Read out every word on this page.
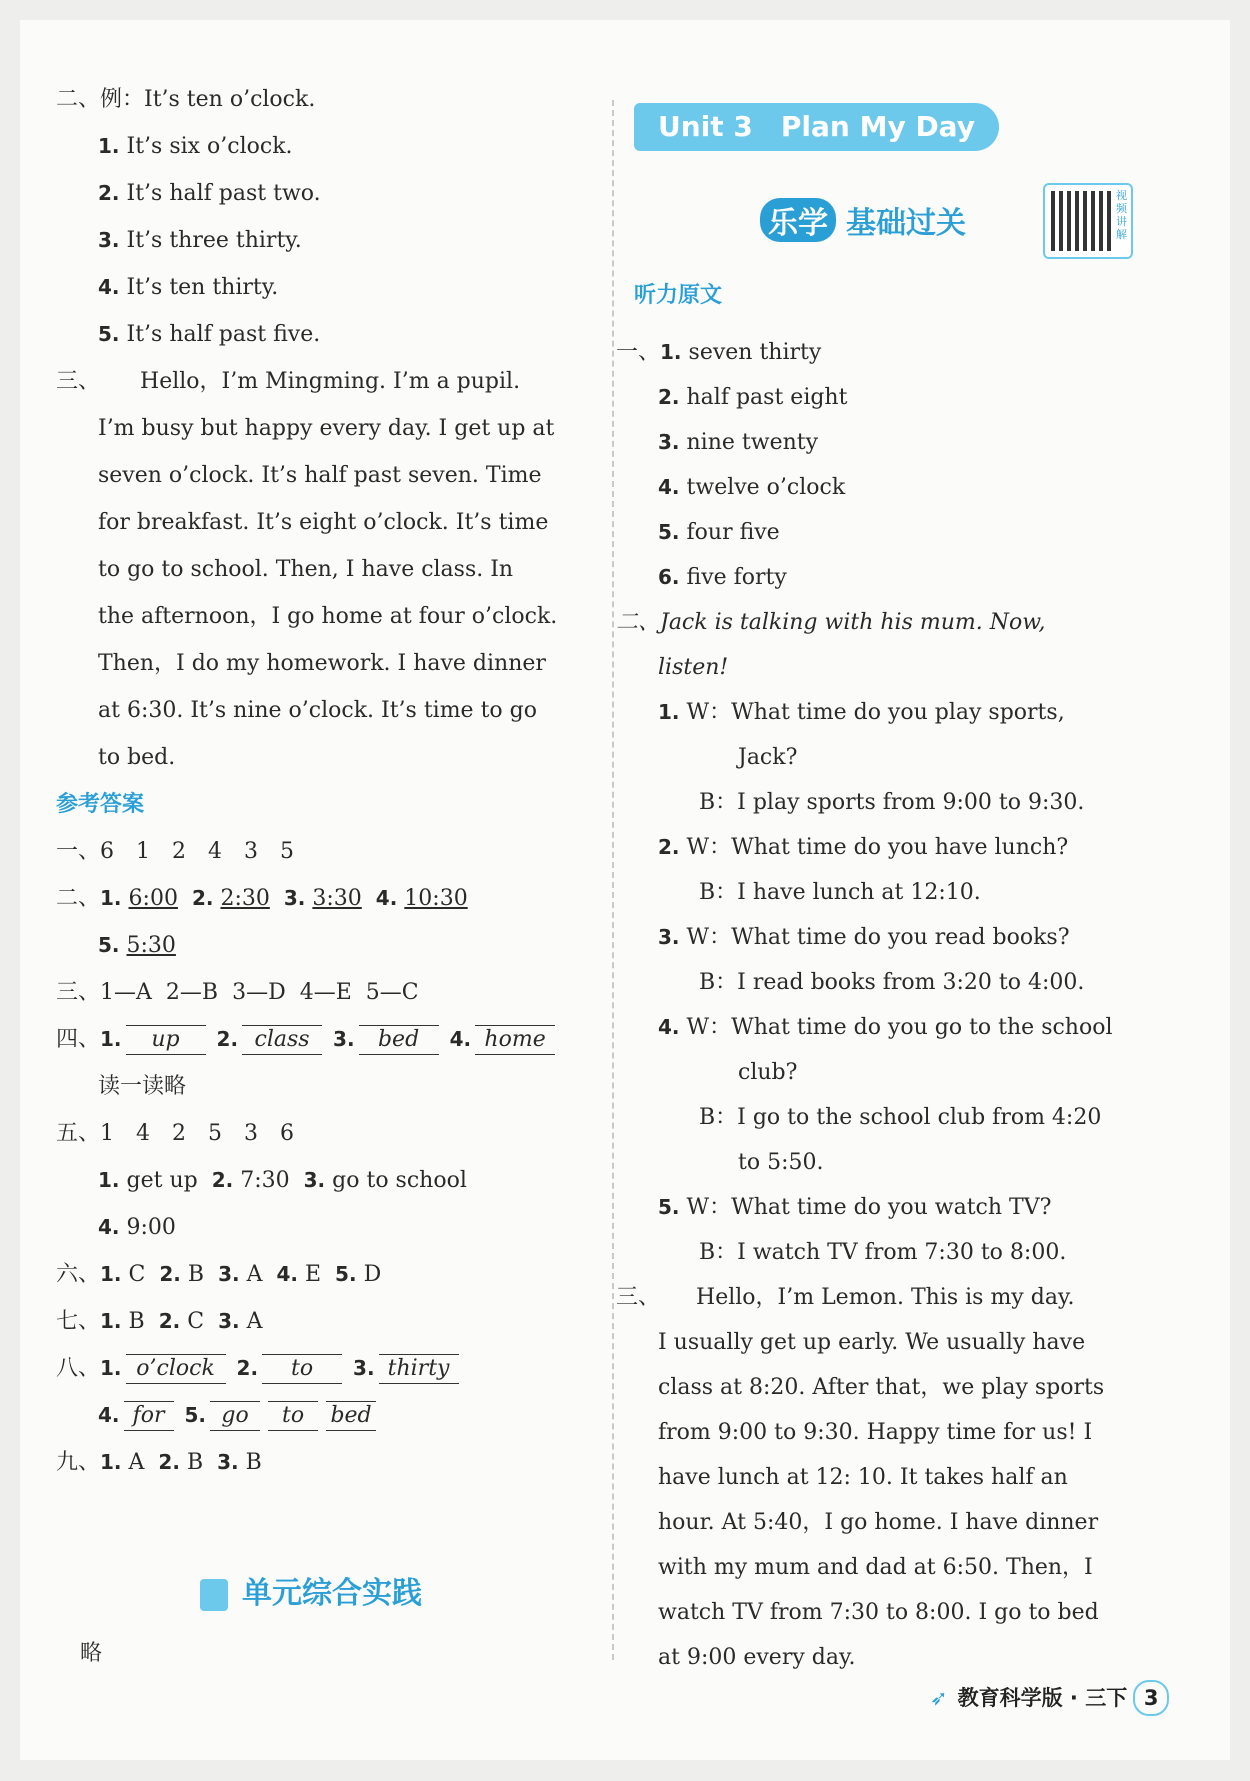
二、例：It’s ten o’clock.
1. It’s six o’clock.
2. It’s half past two.
3. It’s three thirty.
4. It’s ten thirty.
5. It’s half past five.
三、 Hello，I’m Mingming. I’m a pupil.
I’m busy but happy every day. I get up at
seven o’clock. It’s half past seven. Time
for breakfast. It’s eight o’clock. It’s time
to go to school. Then, I have class. In
the afternoon，I go home at four o’clock.
Then，I do my homework. I have dinner
at 6:30. It’s nine o’clock. It’s time to go
to bed.
参考答案
一、6　1　2　4　3　5
二、1. 6:00 2. 2:30 3. 3:30 4. 10:30
5. 5:30
三、1—A 2—B 3—D 4—E 5—C
四、1. up 2. class 3. bed 4. home
读一读略
五、1　4　2　5　3　6
1. get up 2. 7:30 3. go to school
4. 9:00
六、1. C 2. B 3. A 4. E 5. D
七、1. B 2. C 3. A
八、1. o’clock 2. to 3. thirty
4. for 5. go to bed
九、1. A 2. B 3. B
单元综合实践
略
Unit 3　Plan My Day
乐学 基础过关
视频讲解
听力原文
一、1. seven thirty
2. half past eight
3. nine twenty
4. twelve o’clock
5. four five
6. five forty
二、Jack is talking with his mum. Now,
listen!
1. W：What time do you play sports,
Jack?
B：I play sports from 9:00 to 9:30.
2. W：What time do you have lunch?
B：I have lunch at 12:10.
3. W：What time do you read books?
B：I read books from 3:20 to 4:00.
4. W：What time do you go to the school
club?
B：I go to the school club from 4:20
to 5:50.
5. W：What time do you watch TV?
B：I watch TV from 7:30 to 8:00.
三、 Hello，I’m Lemon. This is my day.
I usually get up early. We usually have
class at 8:20. After that，we play sports
from 9:00 to 9:30. Happy time for us! I
have lunch at 12: 10. It takes half an
hour. At 5:40，I go home. I have dinner
with my mum and dad at 6:50. Then，I
watch TV from 7:30 to 8:00. I go to bed
at 9:00 every day.
➶ 教育科学版 · 三下 3
